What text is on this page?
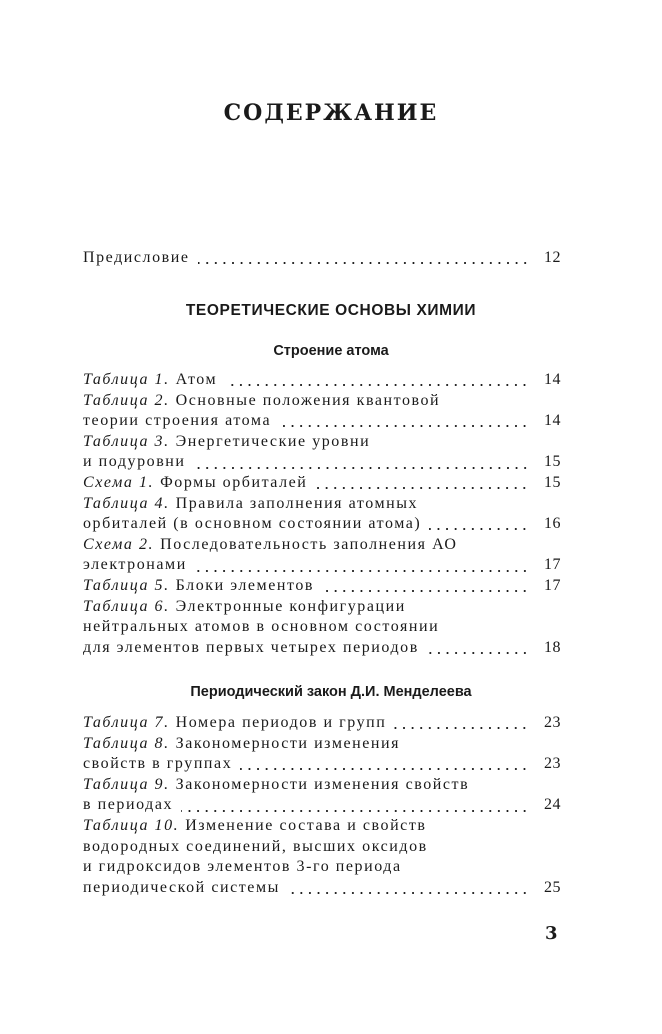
СОДЕРЖАНИЕ
Предисловие	12
ТЕОРЕТИЧЕСКИЕ ОСНОВЫ ХИМИИ
Строение атома
Таблица 1. Атом	14
Таблица 2. Основные положения квантовой
теории строения атома	14
Таблица 3. Энергетические уровни
и подуровни	15
Схема 1. Формы орбиталей	15
Таблица 4. Правила заполнения атомных
орбиталей (в основном состоянии атома)	16
Схема 2. Последовательность заполнения АО
электронами	17
Таблица 5. Блоки элементов	17
Таблица 6. Электронные конфигурации
нейтральных атомов в основном состоянии
для элементов первых четырех периодов	18
Периодический закон Д.И. Менделеева
Таблица 7. Номера периодов и групп	23
Таблица 8. Закономерности изменения
свойств в группах	23
Таблица 9. Закономерности изменения свойств
в периодах	24
Таблица 10. Изменение состава и свойств
водородных соединений, высших оксидов
и гидроксидов элементов 3-го периода
периодической системы	25
3
